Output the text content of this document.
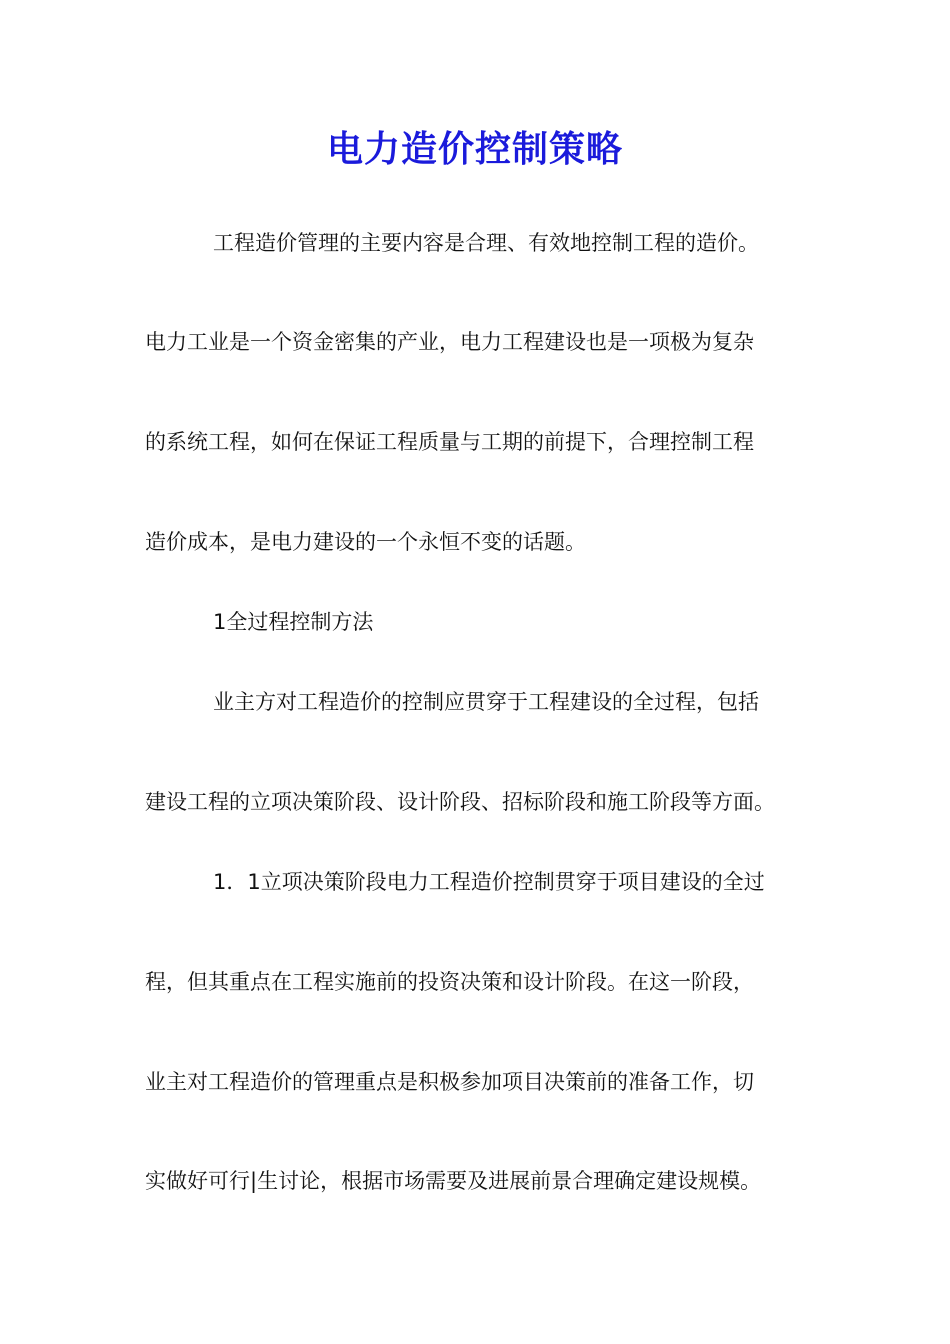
电力造价控制策略
工程造价管理的主要内容是合理、有效地控制工程的造价。
电力工业是一个资金密集的产业，电力工程建设也是一项极为复杂
的系统工程，如何在保证工程质量与工期的前提下，合理控制工程
造价成本，是电力建设的一个永恒不变的话题。
1全过程控制方法
业主方对工程造价的控制应贯穿于工程建设的全过程，包括
建设工程的立项决策阶段、设计阶段、招标阶段和施工阶段等方面。
1．1立项决策阶段电力工程造价控制贯穿于项目建设的全过
程，但其重点在工程实施前的投资决策和设计阶段。在这一阶段，
业主对工程造价的管理重点是积极参加项目决策前的准备工作，切
实做好可行|生讨论，根据市场需要及进展前景合理确定建设规模。
